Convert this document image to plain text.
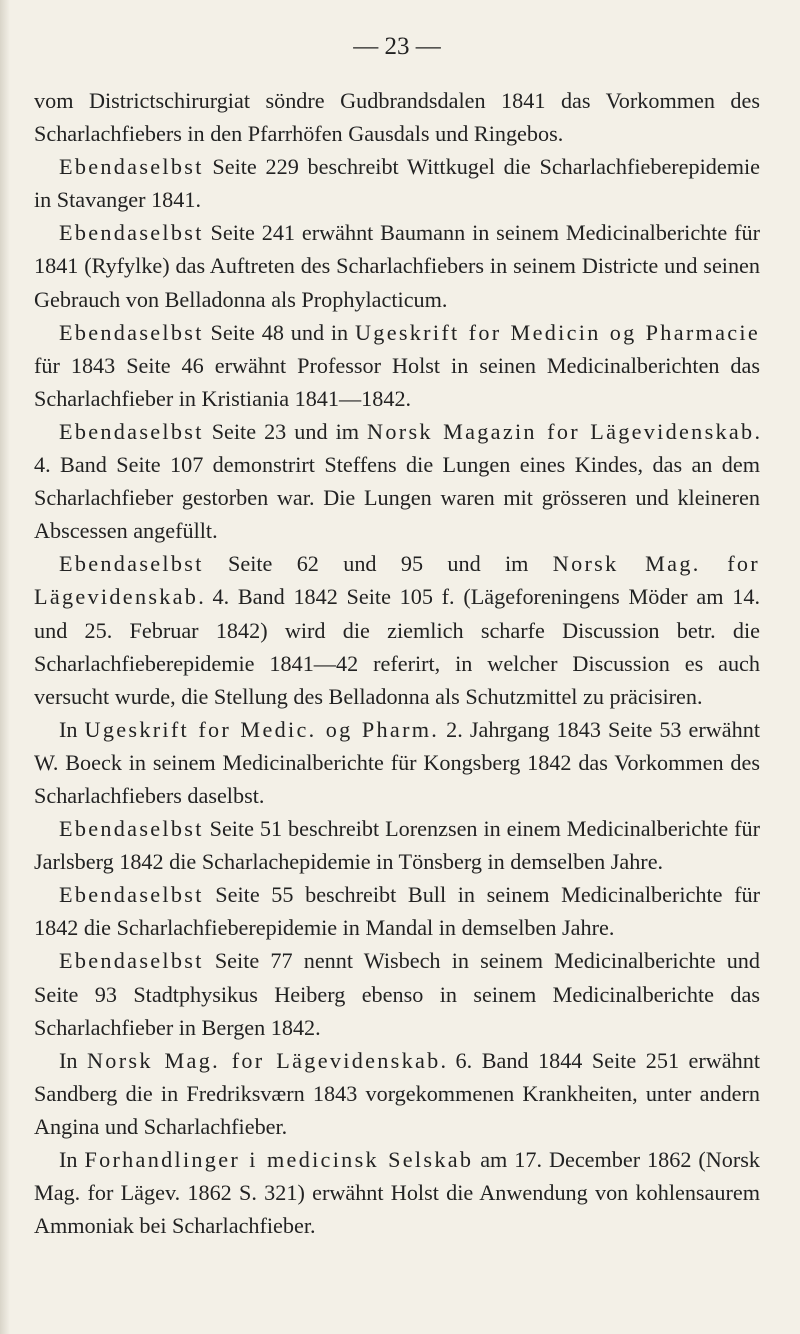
— 23 —

vom Districtschirurgiat söndre Gudbrandsdalen 1841 das Vorkommen des Scharlachfiebers in den Pfarrhöfen Gausdals und Ringebos.

Ebendaselbst Seite 229 beschreibt Wittkugel die Scharlachfieberepidemie in Stavanger 1841.

Ebendaselbst Seite 241 erwähnt Baumann in seinem Medicinalberichte für 1841 (Ryfylke) das Auftreten des Scharlachfiebers in seinem Districte und seinen Gebrauch von Belladonna als Prophylacticum.

Ebendaselbst Seite 48 und in Ugeskrift for Medicin og Pharmacie für 1843 Seite 46 erwähnt Professor Holst in seinen Medicinalberichten das Scharlachfieber in Kristiania 1841—1842.

Ebendaselbst Seite 23 und im Norsk Magazin for Lägevidenskab. 4. Band Seite 107 demonstrirt Steffens die Lungen eines Kindes, das an dem Scharlachfieber gestorben war. Die Lungen waren mit grösseren und kleineren Abscessen angefüllt.

Ebendaselbst Seite 62 und 95 und im Norsk Mag. for Lägevidenskab. 4. Band 1842 Seite 105 f. (Lägeforeningens Möder am 14. und 25. Februar 1842) wird die ziemlich scharfe Discussion betr. die Scharlachfieberepidemie 1841—42 referirt, in welcher Discussion es auch versucht wurde, die Stellung des Belladonna als Schutzmittel zu präcisiren.

In Ugeskrift for Medic. og Pharm. 2. Jahrgang 1843 Seite 53 erwähnt W. Boeck in seinem Medicinalberichte für Kongsberg 1842 das Vorkommen des Scharlachfiebers daselbst.

Ebendaselbst Seite 51 beschreibt Lorenzsen in einem Medicinalberichte für Jarlsberg 1842 die Scharlachepidemie in Tönsberg in demselben Jahre.

Ebendaselbst Seite 55 beschreibt Bull in seinem Medicinalberichte für 1842 die Scharlachfieberepidemie in Mandal in demselben Jahre.

Ebendaselbst Seite 77 nennt Wisbech in seinem Medicinalberichte und Seite 93 Stadtphysikus Heiberg ebenso in seinem Medicinalberichte das Scharlachfieber in Bergen 1842.

In Norsk Mag. for Lägevidenskab. 6. Band 1844 Seite 251 erwähnt Sandberg die in Fredriksværn 1843 vorgekommenen Krankheiten, unter andern Angina und Scharlachfieber.

In Forhandlinger i medicinsk Selskab am 17. December 1862 (Norsk Mag. for Lägev. 1862 S. 321) erwähnt Holst die Anwendung von kohlensaurem Ammoniak bei Scharlachfieber.
